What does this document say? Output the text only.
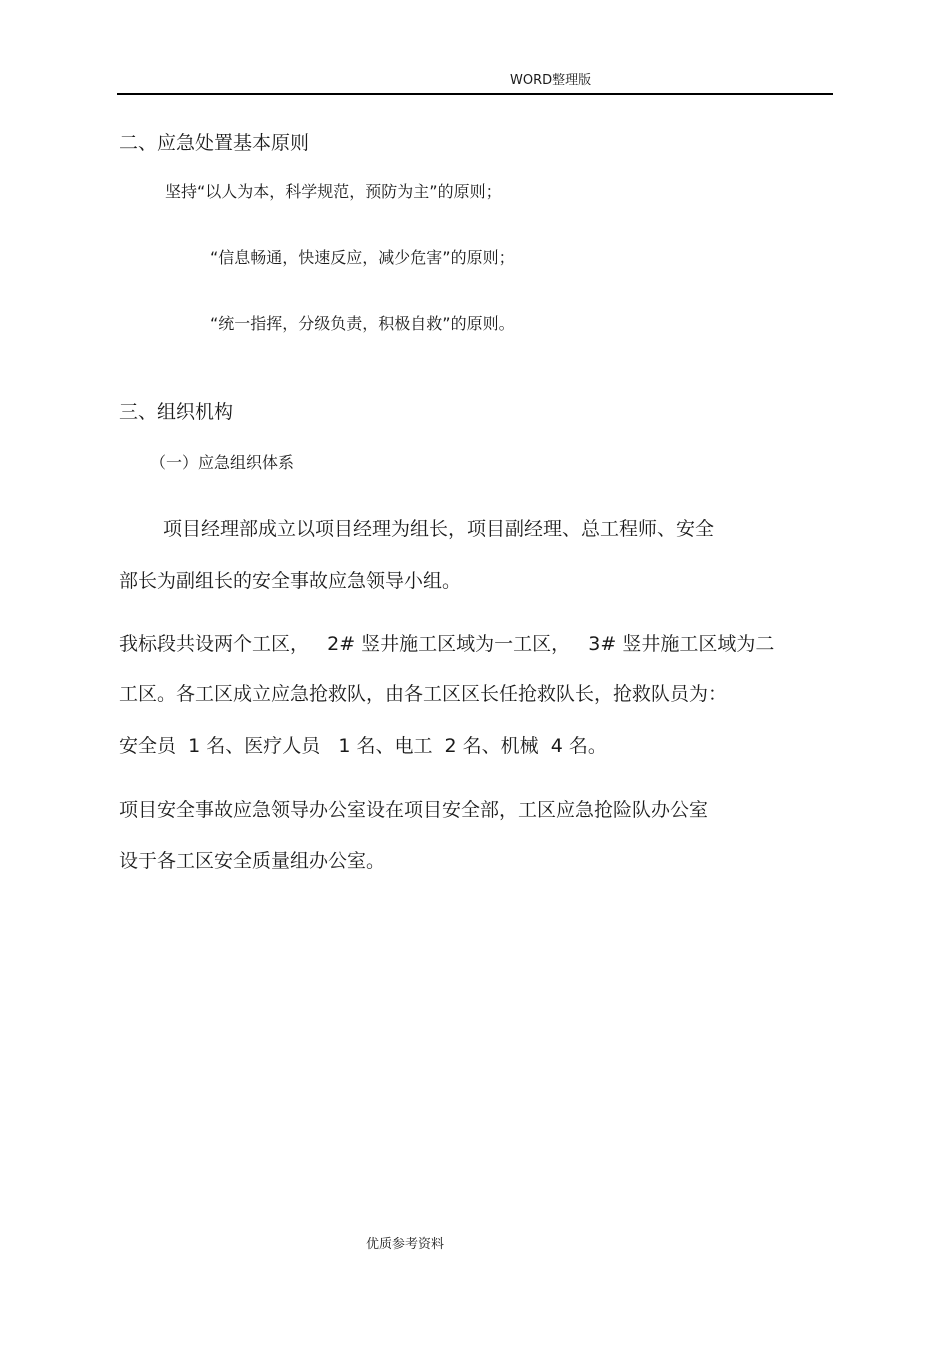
WORD整理版
二、应急处置基本原则
坚持“以人为本，科学规范，预防为主”的原则；
“信息畅通，快速反应，减少危害”的原则；
“统一指挥，分级负责，积极自救”的原则。
三、组织机构
（一）应急组织体系
项目经理部成立以项目经理为组长，项目副经理、总工程师、安全
部长为副组长的安全事故应急领导小组。
我标段共设两个工区，   2# 竖井施工区域为一工区，   3# 竖井施工区域为二
工区。各工区成立应急抢救队，由各工区区长任抢救队长，抢救队员为：
安全员  1 名、医疗人员   1 名、电工  2 名、机械  4 名。
项目安全事故应急领导办公室设在项目安全部，工区应急抢险队办公室
设于各工区安全质量组办公室。
优质参考资料
